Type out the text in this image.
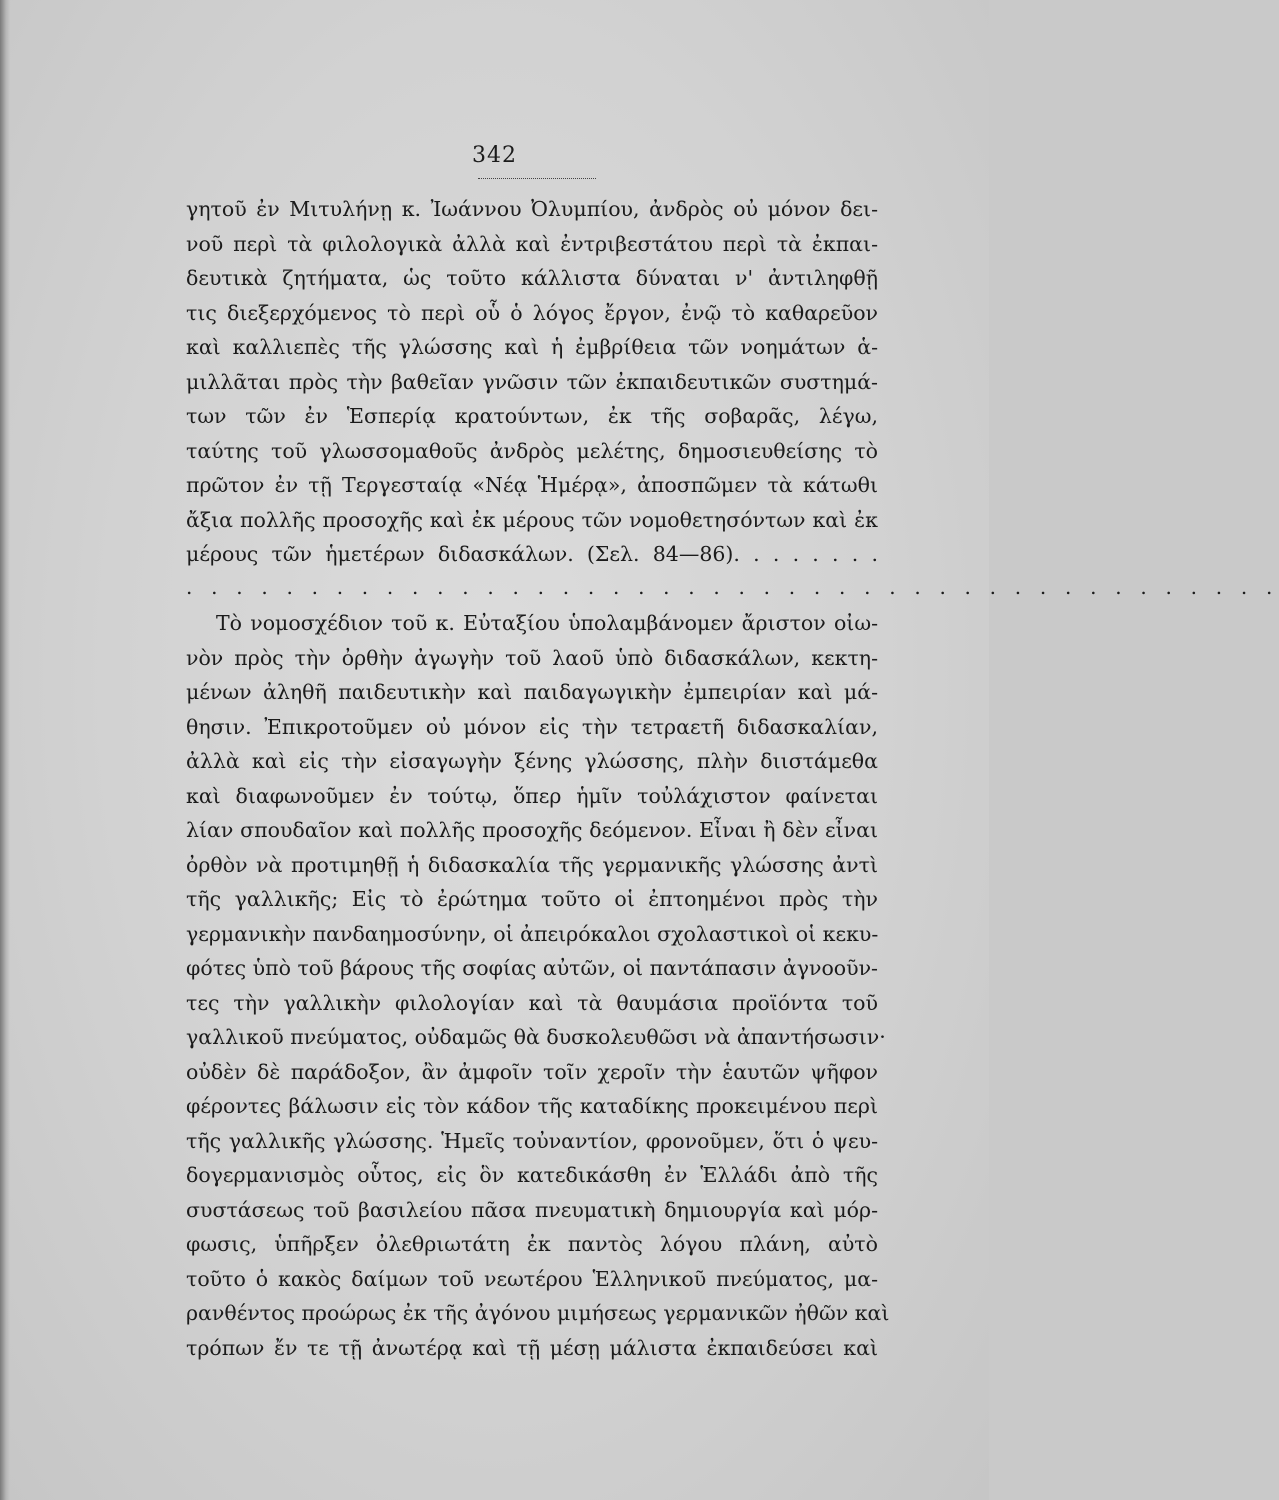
342
γητοῦ ἐν Μιτυλήνῃ κ. Ἰωάννου Ὀλυμπίου, ἀνδρὸς οὐ μόνον δει-
νοῦ περὶ τὰ φιλολογικὰ ἀλλὰ καὶ ἐντριβεστάτου περὶ τὰ ἐκπαι-
δευτικὰ ζητήματα, ὡς τοῦτο κάλλιστα δύναται ν' ἀντιληφθῇ
τις διεξερχόμενος τὸ περὶ οὗ ὁ λόγος ἔργον, ἐνῷ τὸ καθαρεῦον
καὶ καλλιεπὲς τῆς γλώσσης καὶ ἡ ἐμβρίθεια τῶν νοημάτων ἁ-
μιλλᾶται πρὸς τὴν βαθεῖαν γνῶσιν τῶν ἐκπαιδευτικῶν συστημά-
των τῶν ἐν Ἑσπερίᾳ κρατούντων, ἐκ τῆς σοβαρᾶς, λέγω,
ταύτης τοῦ γλωσσομαθοῦς ἀνδρὸς μελέτης, δημοσιευθείσης τὸ
πρῶτον ἐν τῇ Τεργεσταίᾳ «Νέᾳ Ἡμέρᾳ», ἀποσπῶμεν τὰ κάτωθι
ἄξια πολλῆς προσοχῆς καὶ ἐκ μέρους τῶν νομοθετησόντων καὶ ἐκ
μέρους τῶν ἡμετέρων διδασκάλων. (Σελ. 84—86). . . . . . . .
. . . . . . . . . . . . . . . . . . . . . . . . . . . . . . . . . . . . . . . . . . . .
Τὸ νομοσχέδιον τοῦ κ. Εὐταξίου ὑπολαμβάνομεν ἄριστον οἰω-
νὸν πρὸς τὴν ὀρθὴν ἀγωγὴν τοῦ λαοῦ ὑπὸ διδασκάλων, κεκτη-
μένων ἀληθῆ παιδευτικὴν καὶ παιδαγωγικὴν ἐμπειρίαν καὶ μά-
θησιν. Ἐπικροτοῦμεν οὐ μόνον εἰς τὴν τετραετῆ διδασκαλίαν,
ἀλλὰ καὶ εἰς τὴν εἰσαγωγὴν ξένης γλώσσης, πλὴν διιστάμεθα
καὶ διαφωνοῦμεν ἐν τούτῳ, ὅπερ ἡμῖν τοὐλάχιστον φαίνεται
λίαν σπουδαῖον καὶ πολλῆς προσοχῆς δεόμενον. Εἶναι ἢ δὲν εἶναι
ὀρθὸν νὰ προτιμηθῇ ἡ διδασκαλία τῆς γερμανικῆς γλώσσης ἀντὶ
τῆς γαλλικῆς; Εἰς τὸ ἐρώτημα τοῦτο οἱ ἐπτοημένοι πρὸς τὴν
γερμανικὴν πανδαημοσύνην, οἱ ἀπειρόκαλοι σχολαστικοὶ οἱ κεκυ-
φότες ὑπὸ τοῦ βάρους τῆς σοφίας αὐτῶν, οἱ παντάπασιν ἀγνοοῦν-
τες τὴν γαλλικὴν φιλολογίαν καὶ τὰ θαυμάσια προϊόντα τοῦ
γαλλικοῦ πνεύματος, οὐδαμῶς θὰ δυσκολευθῶσι νὰ ἀπαντήσωσιν·
οὐδὲν δὲ παράδοξον, ἂν ἀμφοῖν τοῖν χεροῖν τὴν ἑαυτῶν ψῆφον
φέροντες βάλωσιν εἰς τὸν κάδον τῆς καταδίκης προκειμένου περὶ
τῆς γαλλικῆς γλώσσης. Ἡμεῖς τοὐναντίον, φρονοῦμεν, ὅτι ὁ ψευ-
δογερμανισμὸς οὗτος, εἰς ὃν κατεδικάσθη ἐν Ἑλλάδι ἀπὸ τῆς
συστάσεως τοῦ βασιλείου πᾶσα πνευματικὴ δημιουργία καὶ μόρ-
φωσις, ὑπῆρξεν ὀλεθριωτάτη ἐκ παντὸς λόγου πλάνη, αὐτὸ
τοῦτο ὁ κακὸς δαίμων τοῦ νεωτέρου Ἑλληνικοῦ πνεύματος, μα-
ρανθέντος προώρως ἐκ τῆς ἀγόνου μιμήσεως γερμανικῶν ἠθῶν καὶ
τρόπων ἔν τε τῇ ἀνωτέρᾳ καὶ τῇ μέσῃ μάλιστα ἐκπαιδεύσει καὶ
